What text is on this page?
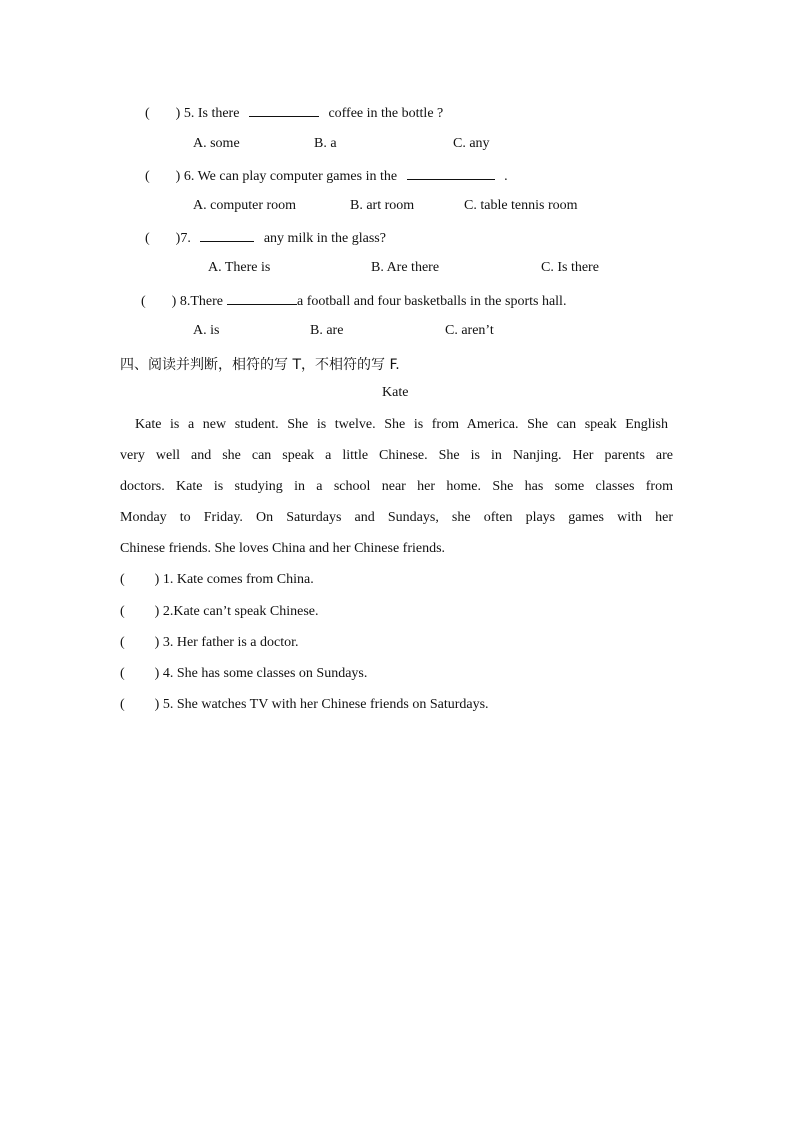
( ) 5. Is there	coffee in the bottle ?
A. some	B. a	C. any
( ) 6. We can play computer games in the	.
A. computer room	B. art room	C. table tennis room
( )7.	any milk in the glass?
A. There is	B. Are there	C. Is there
( ) 8.There	a football and four basketballs in the sports hall.
A. is	B. are	C. aren’t
四、阅读并判断，相符的写 T，不相符的写 F.
Kate
Kate is a new student. She is twelve. She is from America. She can speak English
very well and she can speak a little Chinese. She is in Nanjing. Her parents are
doctors. Kate is studying in a school near her home. She has some classes from
Monday to Friday. On Saturdays and Sundays, she often plays games with her
Chinese friends. She loves China and her Chinese friends.
( ) 1. Kate comes from China.
( ) 2.Kate can’t speak Chinese.
( ) 3. Her father is a doctor.
( ) 4. She has some classes on Sundays.
( ) 5. She watches TV with her Chinese friends on Saturdays.
